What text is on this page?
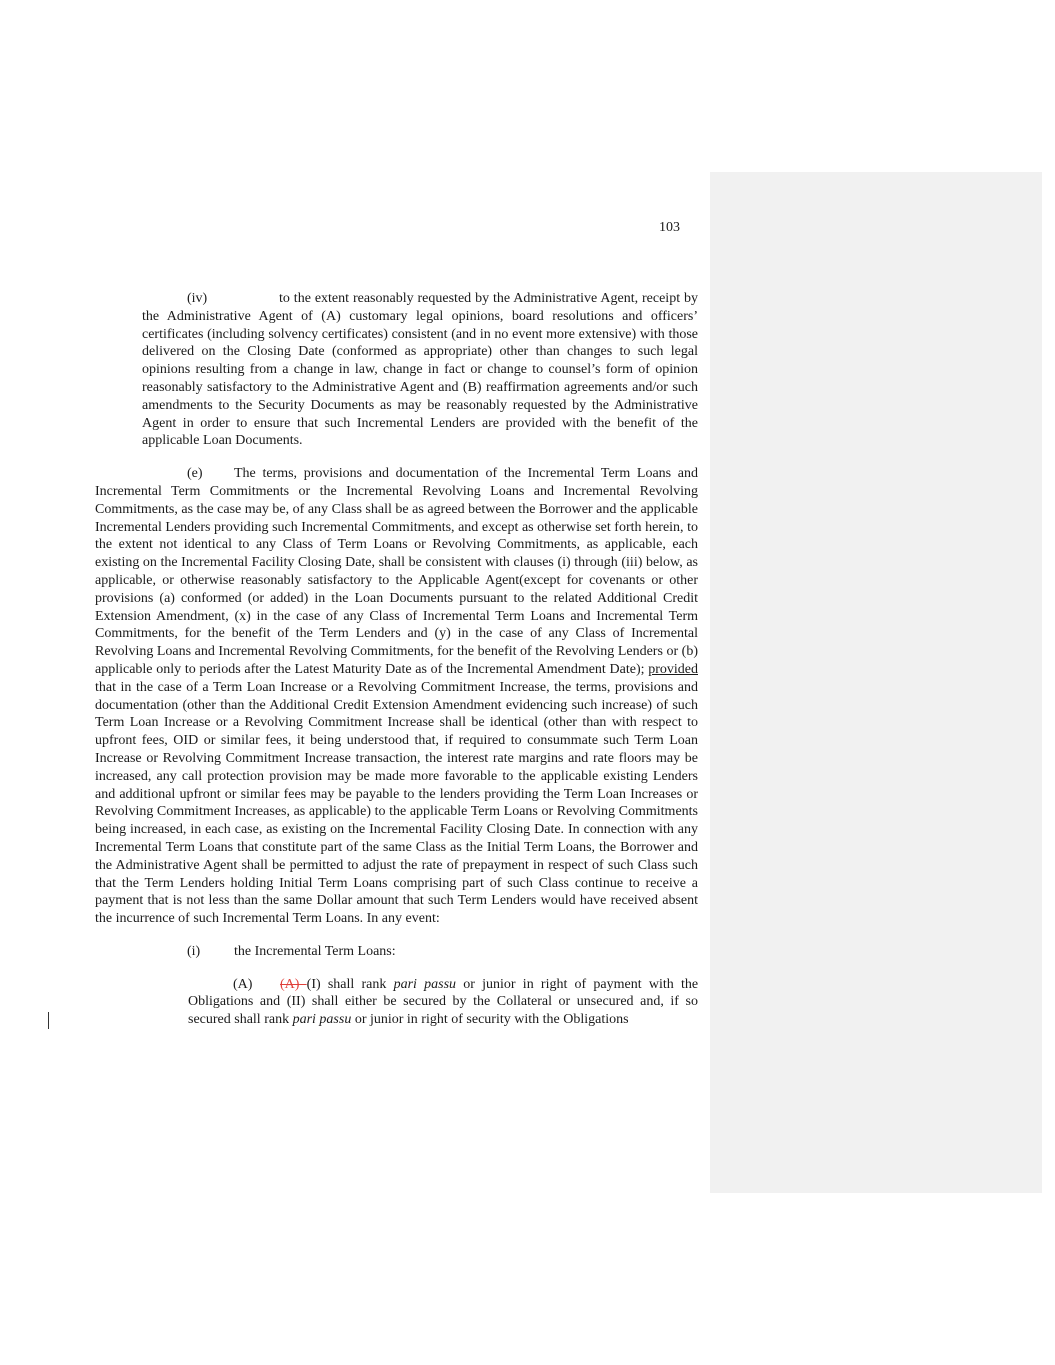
103

(iv)	to the extent reasonably requested by the Administrative Agent, receipt by the Administrative Agent of (A) customary legal opinions, board resolutions and officers’ certificates (including solvency certificates) consistent (and in no event more extensive) with those delivered on the Closing Date (conformed as appropriate) other than changes to such legal opinions resulting from a change in law, change in fact or change to counsel’s form of opinion reasonably satisfactory to the Administrative Agent and (B) reaffirmation agreements and/or such amendments to the Security Documents as may be reasonably requested by the Administrative Agent in order to ensure that such Incremental Lenders are provided with the benefit of the applicable Loan Documents.

(e) The terms, provisions and documentation of the Incremental Term Loans and Incremental Term Commitments or the Incremental Revolving Loans and Incremental Revolving Commitments, as the case may be, of any Class shall be as agreed between the Borrower and the applicable Incremental Lenders providing such Incremental Commitments, and except as otherwise set forth herein, to the extent not identical to any Class of Term Loans or Revolving Commitments, as applicable, each existing on the Incremental Facility Closing Date, shall be consistent with clauses (i) through (iii) below, as applicable, or otherwise reasonably satisfactory to the Applicable Agent(except for covenants or other provisions (a) conformed (or added) in the Loan Documents pursuant to the related Additional Credit Extension Amendment, (x) in the case of any Class of Incremental Term Loans and Incremental Term Commitments, for the benefit of the Term Lenders and (y) in the case of any Class of Incremental Revolving Loans and Incremental Revolving Commitments, for the benefit of the Revolving Lenders or (b) applicable only to periods after the Latest Maturity Date as of the Incremental Amendment Date); provided that in the case of a Term Loan Increase or a Revolving Commitment Increase, the terms, provisions and documentation (other than the Additional Credit Extension Amendment evidencing such increase) of such Term Loan Increase or a Revolving Commitment Increase shall be identical (other than with respect to upfront fees, OID or similar fees, it being understood that, if required to consummate such Term Loan Increase or Revolving Commitment Increase transaction, the interest rate margins and rate floors may be increased, any call protection provision may be made more favorable to the applicable existing Lenders and additional upfront or similar fees may be payable to the lenders providing the Term Loan Increases or Revolving Commitment Increases, as applicable) to the applicable Term Loans or Revolving Commitments being increased, in each case, as existing on the Incremental Facility Closing Date. In connection with any Incremental Term Loans that constitute part of the same Class as the Initial Term Loans, the Borrower and the Administrative Agent shall be permitted to adjust the rate of prepayment in respect of such Class such that the Term Lenders holding Initial Term Loans comprising part of such Class continue to receive a payment that is not less than the same Dollar amount that such Term Lenders would have received absent the incurrence of such Incremental Term Loans. In any event:

(i) the Incremental Term Loans:

(A) (A) (I) shall rank pari passu or junior in right of payment with the Obligations and (II) shall either be secured by the Collateral or unsecured and, if so secured shall rank pari passu or junior in right of security with the Obligations
